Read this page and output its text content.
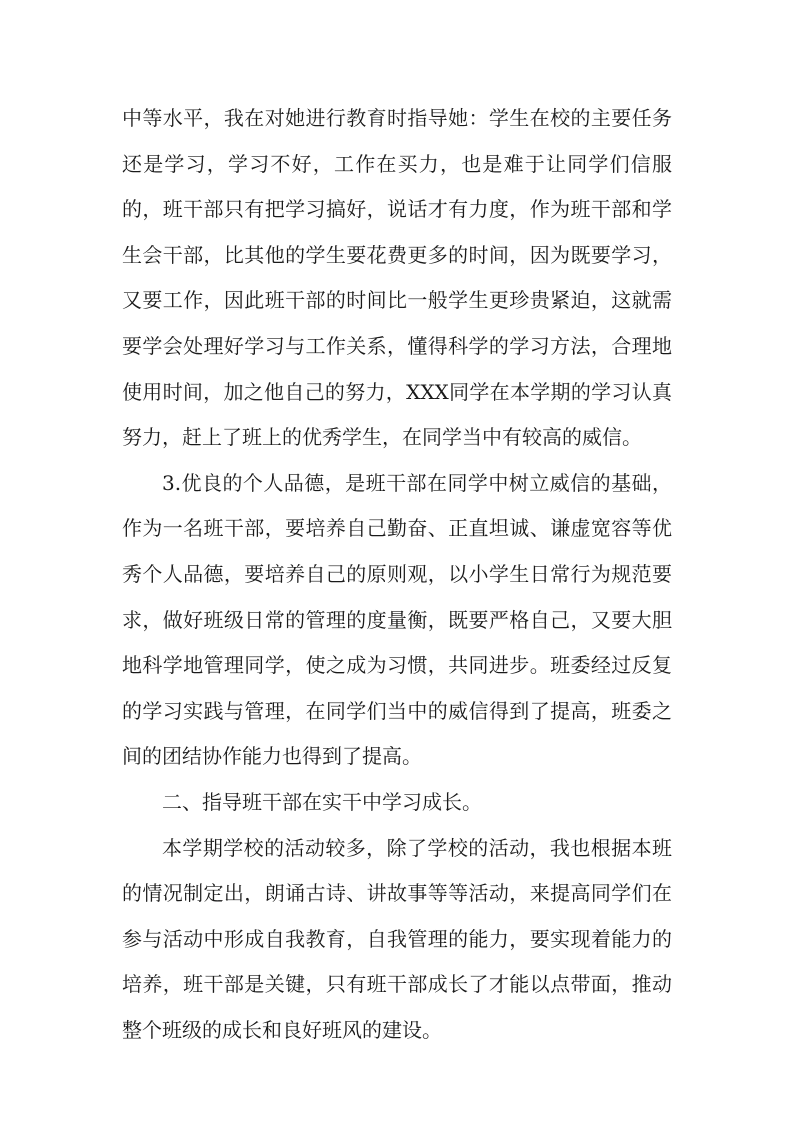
中等水平，我在对她进行教育时指导她：学生在校的主要任务还是学习，学习不好，工作在买力，也是难于让同学们信服的，班干部只有把学习搞好，说话才有力度，作为班干部和学生会干部，比其他的学生要花费更多的时间，因为既要学习，又要工作，因此班干部的时间比一般学生更珍贵紧迫，这就需要学会处理好学习与工作关系，懂得科学的学习方法，合理地使用时间，加之他自己的努力，XXX同学在本学期的学习认真努力，赶上了班上的优秀学生，在同学当中有较高的威信。

3.优良的个人品德，是班干部在同学中树立威信的基础，作为一名班干部，要培养自己勤奋、正直坦诚、谦虚宽容等优秀个人品德，要培养自己的原则观，以小学生日常行为规范要求，做好班级日常的管理的度量衡，既要严格自己，又要大胆地科学地管理同学，使之成为习惯，共同进步。班委经过反复的学习实践与管理，在同学们当中的威信得到了提高，班委之间的团结协作能力也得到了提高。

二、指导班干部在实干中学习成长。

本学期学校的活动较多，除了学校的活动，我也根据本班的情况制定出，朗诵古诗、讲故事等等活动，来提高同学们在参与活动中形成自我教育，自我管理的能力，要实现着能力的培养，班干部是关键，只有班干部成长了才能以点带面，推动整个班级的成长和良好班风的建设。
